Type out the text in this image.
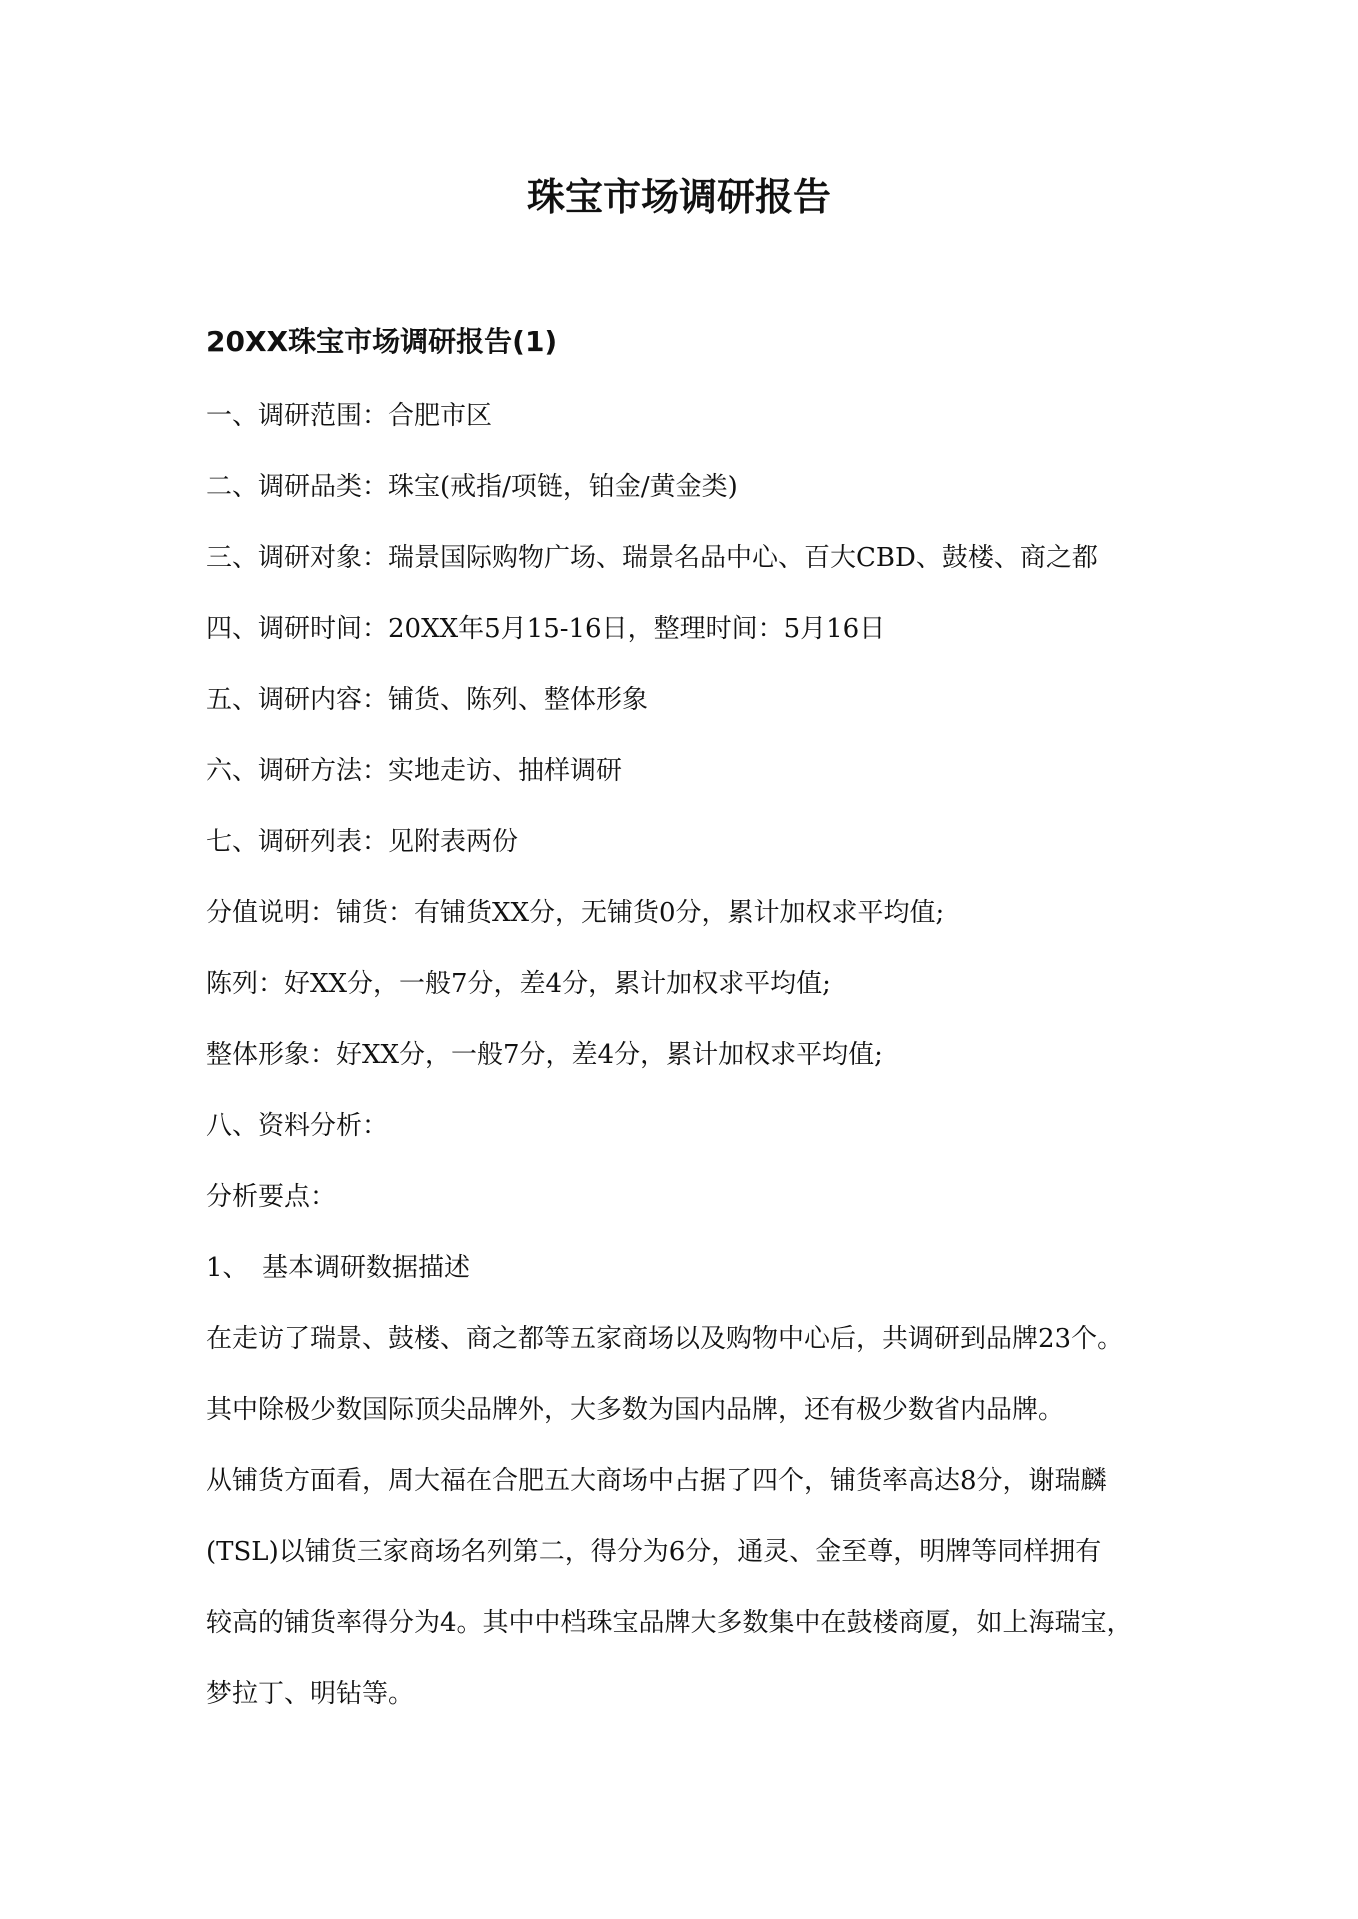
珠宝市场调研报告
20XX珠宝市场调研报告(1)

一、调研范围：合肥市区

二、调研品类：珠宝(戒指/项链，铂金/黄金类)

三、调研对象：瑞景国际购物广场、瑞景名品中心、百大CBD、鼓楼、商之都

四、调研时间：20XX年5月15-16日，整理时间：5月16日

五、调研内容：铺货、陈列、整体形象

六、调研方法：实地走访、抽样调研

七、调研列表：见附表两份

分值说明：铺货：有铺货XX分，无铺货0分，累计加权求平均值;

陈列：好XX分，一般7分，差4分，累计加权求平均值;

整体形象：好XX分，一般7分，差4分，累计加权求平均值;

八、资料分析：

分析要点：

1、 基本调研数据描述

在走访了瑞景、鼓楼、商之都等五家商场以及购物中心后，共调研到品牌23个。

其中除极少数国际顶尖品牌外，大多数为国内品牌，还有极少数省内品牌。

从铺货方面看，周大福在合肥五大商场中占据了四个，铺货率高达8分，谢瑞麟

(TSL)以铺货三家商场名列第二，得分为6分，通灵、金至尊，明牌等同样拥有

较高的铺货率得分为4。其中中档珠宝品牌大多数集中在鼓楼商厦，如上海瑞宝，

梦拉丁、明钻等。
